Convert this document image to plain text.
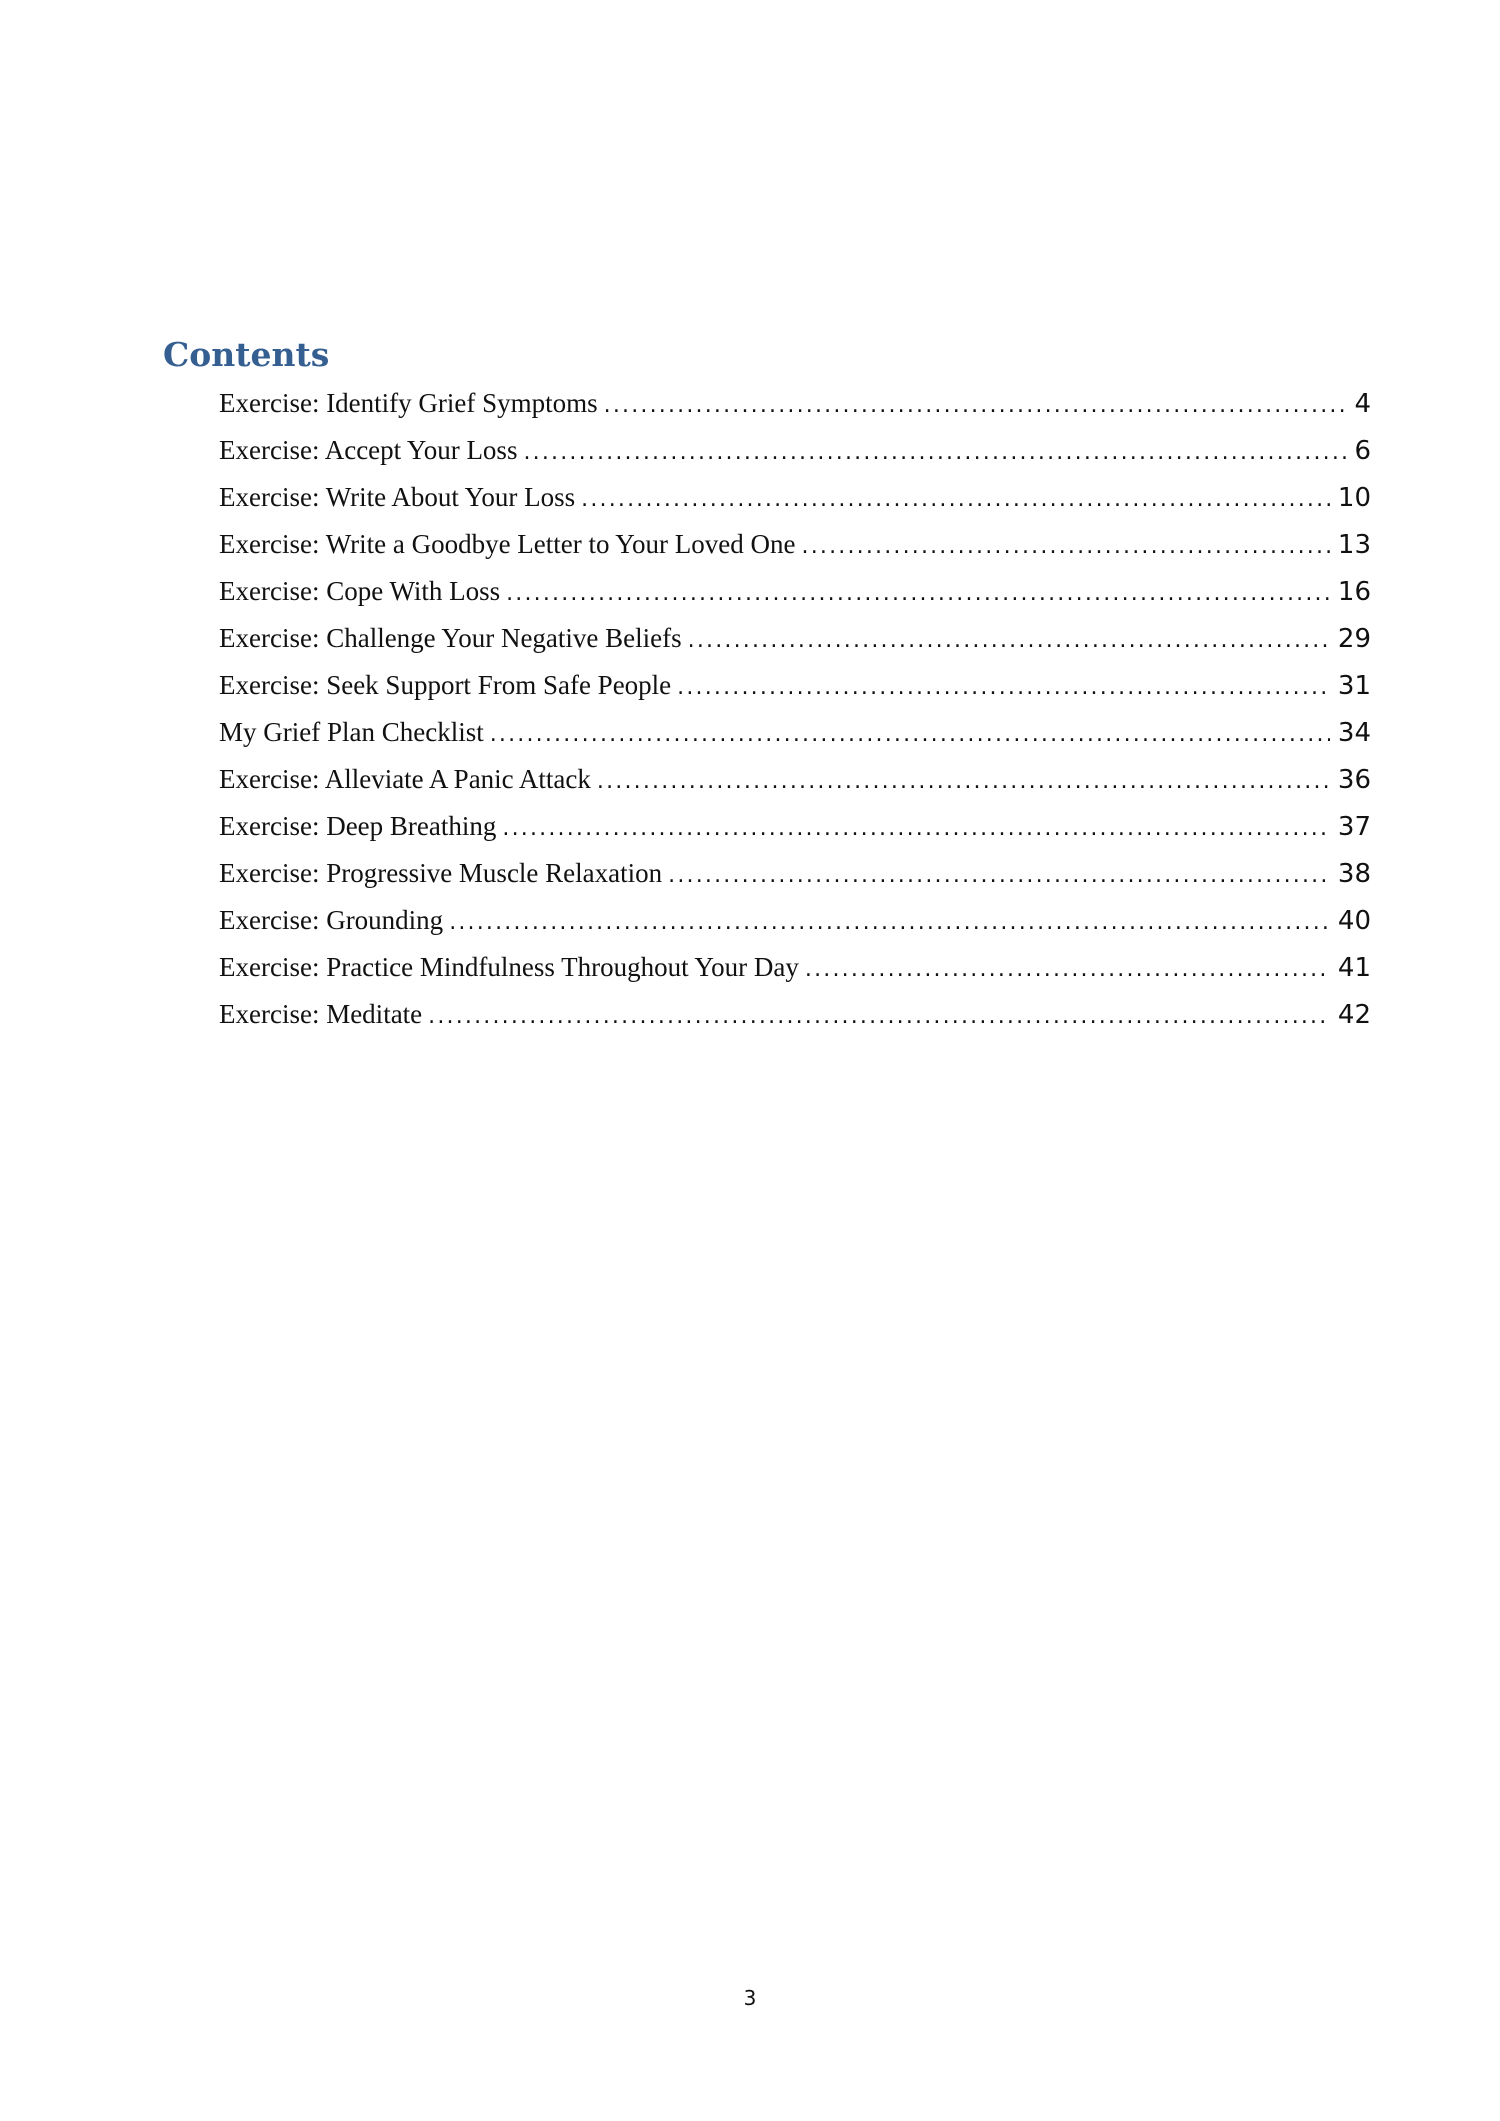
Contents
Exercise: Identify Grief Symptoms . . .	4
Exercise: Accept Your Loss . . .	6
Exercise: Write About Your Loss . . .	10
Exercise: Write a Goodbye Letter to Your Loved One . . .	13
Exercise: Cope With Loss . . .	16
Exercise: Challenge Your Negative Beliefs . . .	29
Exercise: Seek Support From Safe People . . .	31
My Grief Plan Checklist . . .	34
Exercise: Alleviate A Panic Attack . . .	36
Exercise: Deep Breathing . . .	37
Exercise: Progressive Muscle Relaxation . . .	38
Exercise: Grounding . . .	40
Exercise: Practice Mindfulness Throughout Your Day . . .	41
Exercise: Meditate . . .	42
3
